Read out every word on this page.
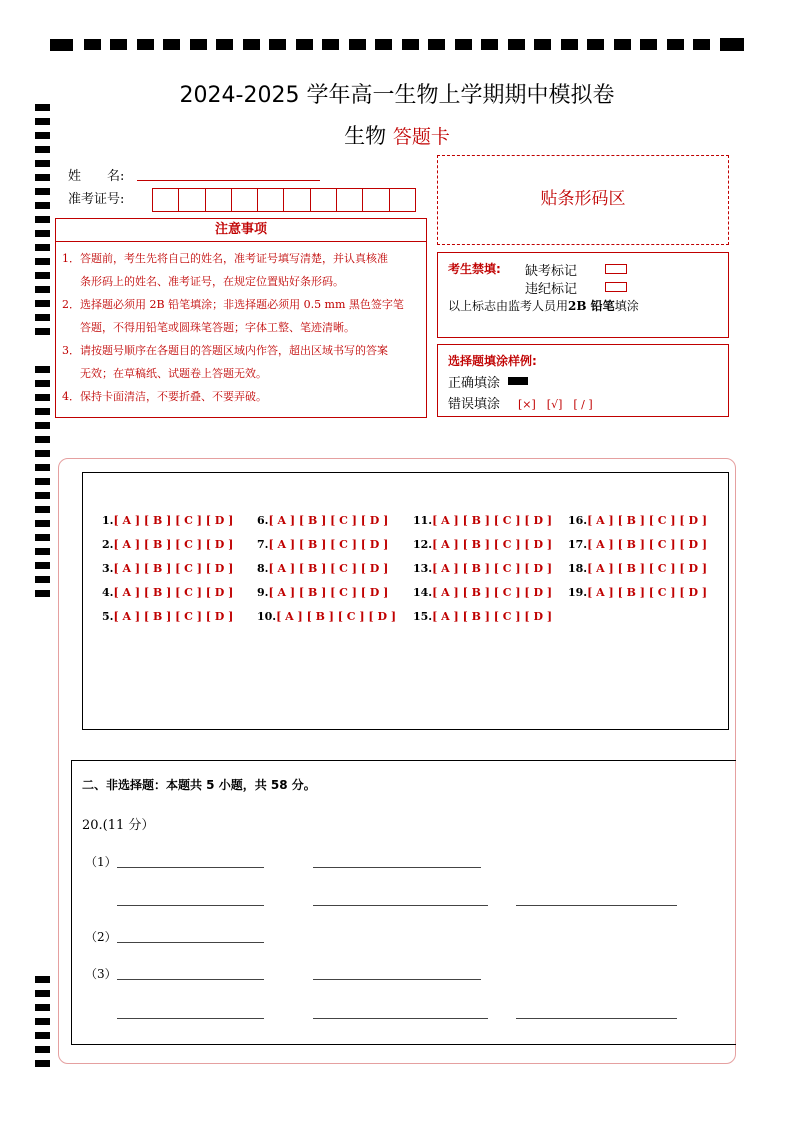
2024-2025 学年高一生物上学期期中模拟卷
生物 答题卡
姓　　名:
准考证号:	贴条形码区
注意事项
1．答题前，考生先将自己的姓名，准考证号填写清楚，并认真核准
条形码上的姓名、准考证号，在规定位置贴好条形码。
2．选择题必须用 2B 铅笔填涂；非选择题必须用 0.5 mm 黑色签字笔
答题，不得用铅笔或圆珠笔答题；字体工整、笔迹清晰。
3．请按题号顺序在各题目的答题区域内作答，超出区域书写的答案
无效；在草稿纸、试题卷上答题无效。
4．保持卡面清洁，不要折叠、不要弄破。
考生禁填: 缺考标记
违纪标记
以上标志由监考人员用2B 铅笔填涂
选择题填涂样例:
正确填涂
错误填涂 [×]　[√]　[ / ]
1.[ A ] [ B ] [ C ] [ D ]
2.[ A ] [ B ] [ C ] [ D ]
3.[ A ] [ B ] [ C ] [ D ]
4.[ A ] [ B ] [ C ] [ D ]
5.[ A ] [ B ] [ C ] [ D ]
6.[ A ] [ B ] [ C ] [ D ]
7.[ A ] [ B ] [ C ] [ D ]
8.[ A ] [ B ] [ C ] [ D ]
9.[ A ] [ B ] [ C ] [ D ]
10.[ A ] [ B ] [ C ] [ D ]
11.[ A ] [ B ] [ C ] [ D ]
12.[ A ] [ B ] [ C ] [ D ]
13.[ A ] [ B ] [ C ] [ D ]
14.[ A ] [ B ] [ C ] [ D ]
15.[ A ] [ B ] [ C ] [ D ]
16.[ A ] [ B ] [ C ] [ D ]
17.[ A ] [ B ] [ C ] [ D ]
18.[ A ] [ B ] [ C ] [ D ]
19.[ A ] [ B ] [ C ] [ D ]
二、非选择题：本题共 5 小题，共 58 分。
20.(11 分）
（1）
（2）
（3）
